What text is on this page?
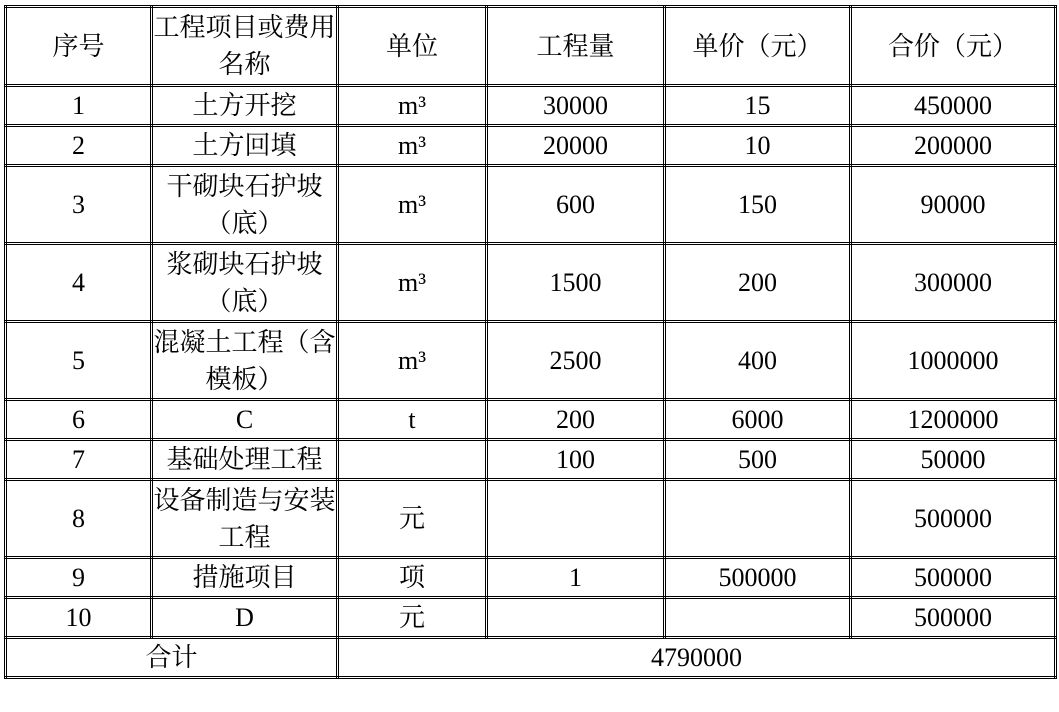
序号	工程项目或费用名称	单位	工程量	单价（元）	合价（元）
1	土方开挖	m³	30000	15	450000
2	土方回填	m³	20000	10	200000
3	干砌块石护坡（底）	m³	600	150	90000
4	浆砌块石护坡（底）	m³	1500	200	300000
5	混凝土工程（含模板）	m³	2500	400	1000000
6	C	t	200	6000	1200000
7	基础处理工程		100	500	50000
8	设备制造与安装工程	元			500000
9	措施项目	项	1	500000	500000
10	D	元			500000
合计		4790000			
